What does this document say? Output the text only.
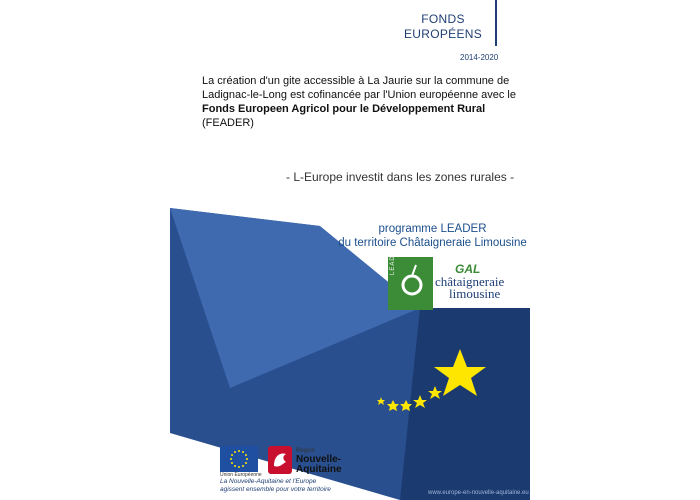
FONDS
EUROPÉENS
2014-2020
La création d'un gite accessible à La Jaurie sur la commune de Ladignac-le-Long est cofinancée par l'Union européenne avec le Fonds Europeen Agricol pour le Développement Rural
(FEADER)
- L-Europe investit dans les zones rurales -
programme LEADER
du territoire Châtaigneraie Limousine
LEADER	GAL
châtaigneraie
limousine
Union Européenne
Région
Nouvelle-
Aquitaine
La Nouvelle-Aquitaine et l'Europe
agissent ensemble pour votre territoire	www.europe-en-nouvelle-aquitaine.eu
